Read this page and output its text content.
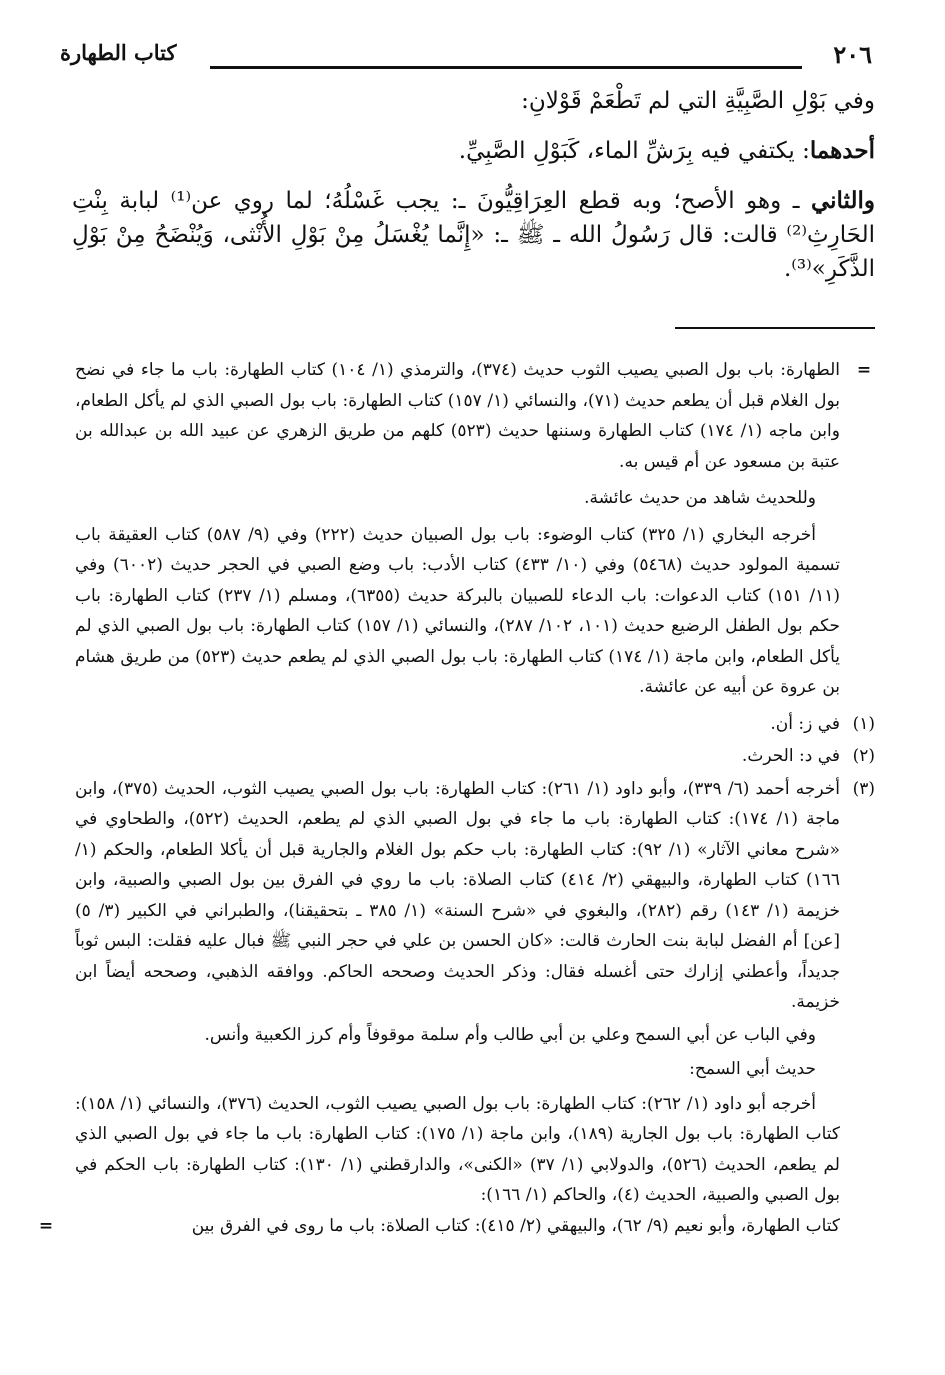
٢٠٦
كتاب الطهارة

وفي بَوْلِ الصَّبِيَّةِ التي لم تَطْعَمْ قَوْلانِ:

أحدهما: يكتفي فيه بِرَشِّ الماء، كَبَوْلِ الصَّبِيِّ.

والثاني ـ وهو الأصح؛ وبه قطع العِرَاقِيُّونَ ـ: يجب غَسْلُهُ؛ لما روي عن⁽¹⁾ لبابة بِنْتِ الحَارِثِ⁽²⁾ قالت: قال رَسُولُ الله ـ ﷺ ـ: «إِنَّما يُغْسَلُ مِنْ بَوْلِ الأُنْثى، وَيُنْضَحُ مِنْ بَوْلِ الذَّكَرِ»⁽³⁾.

=
الطهارة: باب بول الصبي يصيب الثوب حديث (٣٧٤)، والترمذي (١/ ١٠٤) كتاب الطهارة: باب ما جاء في نضح بول الغلام قبل أن يطعم حديث (٧١)، والنسائي (١/ ١٥٧) كتاب الطهارة: باب بول الصبي الذي لم يأكل الطعام، وابن ماجه (١/ ١٧٤) كتاب الطهارة وسننها حديث (٥٢٣) كلهم من طريق الزهري عن عبيد الله بن عبدالله بن عتبة بن مسعود عن أم قيس به.
وللحديث شاهد من حديث عائشة.
أخرجه البخاري (١/ ٣٢٥) كتاب الوضوء: باب بول الصبيان حديث (٢٢٢) وفي (٩/ ٥٨٧) كتاب العقيقة باب تسمية المولود حديث (٥٤٦٨) وفي (١٠/ ٤٣٣) كتاب الأدب: باب وضع الصبي في الحجر حديث (٦٠٠٢) وفي (١١/ ١٥١) كتاب الدعوات: باب الدعاء للصبيان بالبركة حديث (٦٣٥٥)، ومسلم (١/ ٢٣٧) كتاب الطهارة: باب حكم بول الطفل الرضيع حديث (١٠١، ١٠٢/ ٢٨٧)، والنسائي (١/ ١٥٧) كتاب الطهارة: باب بول الصبي الذي لم يأكل الطعام، وابن ماجة (١/ ١٧٤) كتاب الطهارة: باب بول الصبي الذي لم يطعم حديث (٥٢٣) من طريق هشام بن عروة عن أبيه عن عائشة.
(١)
في ز: أن.
(٢)
في د: الحرث.
(٣)
أخرجه أحمد (٦/ ٣٣٩)، وأبو داود (١/ ٢٦١): كتاب الطهارة: باب بول الصبي يصيب الثوب، الحديث (٣٧٥)، وابن ماجة (١/ ١٧٤): كتاب الطهارة: باب ما جاء في بول الصبي الذي لم يطعم، الحديث (٥٢٢)، والطحاوي في «شرح معاني الآثار» (١/ ٩٢): كتاب الطهارة: باب حكم بول الغلام والجارية قبل أن يأكلا الطعام، والحكم (١/ ١٦٦) كتاب الطهارة، والبيهقي (٢/ ٤١٤) كتاب الصلاة: باب ما روي في الفرق بين بول الصبي والصبية، وابن خزيمة (١/ ١٤٣) رقم (٢٨٢)، والبغوي في «شرح السنة» (١/ ٣٨٥ ـ بتحقيقنا)، والطبراني في الكبير (٣/ ٥) [عن] أم الفضل لبابة بنت الحارث قالت: «كان الحسن بن علي في حجر النبي ﷺ فبال عليه فقلت: البس ثوباً جديداً، وأعطني إزارك حتى أغسله فقال: وذكر الحديث وصححه الحاكم. ووافقه الذهبي، وصححه أيضاً ابن خزيمة.
وفي الباب عن أبي السمح وعلي بن أبي طالب وأم سلمة موقوفاً وأم كرز الكعبية وأنس.
حديث أبي السمح:
أخرجه أبو داود (١/ ٢٦٢): كتاب الطهارة: باب بول الصبي يصيب الثوب، الحديث (٣٧٦)، والنسائي (١/ ١٥٨): كتاب الطهارة: باب بول الجارية (١٨٩)، وابن ماجة (١/ ١٧٥): كتاب الطهارة: باب ما جاء في بول الصبي الذي لم يطعم، الحديث (٥٢٦)، والدولابي (١/ ٣٧) «الكنى»، والدارقطني (١/ ١٣٠): كتاب الطهارة: باب الحكم في بول الصبي والصبية، الحديث (٤)، والحاكم (١/ ١٦٦):
كتاب الطهارة، وأبو نعيم (٩/ ٦٢)، والبيهقي (٢/ ٤١٥): كتاب الصلاة: باب ما روى في الفرق بين
=
